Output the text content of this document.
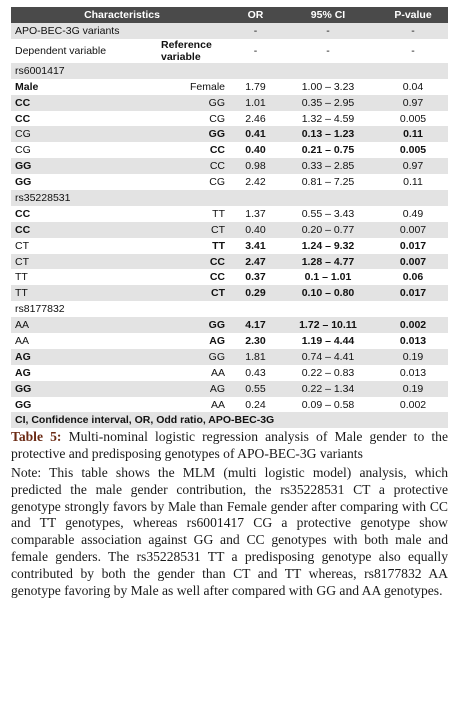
Characteristics		OR	95% CI	P-value
APO-BEC-3G variants		-	-	-
Dependent variable	Reference variable	-	-	-
rs6001417				
Male	Female	1.79	1.00 – 3.23	0.04
CC	GG	1.01	0.35 – 2.95	0.97
CC	CG	2.46	1.32 – 4.59	0.005
CG	GG	0.41	0.13 – 1.23	0.11
CG	CC	0.40	0.21 – 0.75	0.005
GG	CC	0.98	0.33 – 2.85	0.97
GG	CG	2.42	0.81 – 7.25	0.11
rs35228531				
CC	TT	1.37	0.55 – 3.43	0.49
CC	CT	0.40	0.20 – 0.77	0.007
CT	TT	3.41	1.24 – 9.32	0.017
CT	CC	2.47	1.28 – 4.77	0.007
TT	CC	0.37	0.1 – 1.01	0.06
TT	CT	0.29	0.10 – 0.80	0.017
rs8177832				
AA	GG	4.17	1.72 – 10.11	0.002
AA	AG	2.30	1.19 – 4.44	0.013
AG	GG	1.81	0.74 – 4.41	0.19
AG	AA	0.43	0.22 – 0.83	0.013
GG	AG	0.55	0.22 – 1.34	0.19
GG	AA	0.24	0.09 – 0.58	0.002
CI, Confidence interval, OR, Odd ratio, APO-BEC-3G				

Table 5: Multi-nominal logistic regression analysis of Male gender to the protective and predisposing genotypes of APO-BEC-3G variants

Note: This table shows the MLM (multi logistic model) analysis, which predicted the male gender contribution, the rs35228531 CT a protective genotype strongly favors by Male than Female gender after comparing with CC and TT genotypes, whereas rs6001417 CG a protective genotype show comparable association against GG and CC genotypes with both male and female genders. The rs35228531 TT a predisposing genotype also equally contributed by both the gender than CT and TT whereas, rs8177832 AA genotype favoring by Male as well after compared with GG and AA genotypes.
